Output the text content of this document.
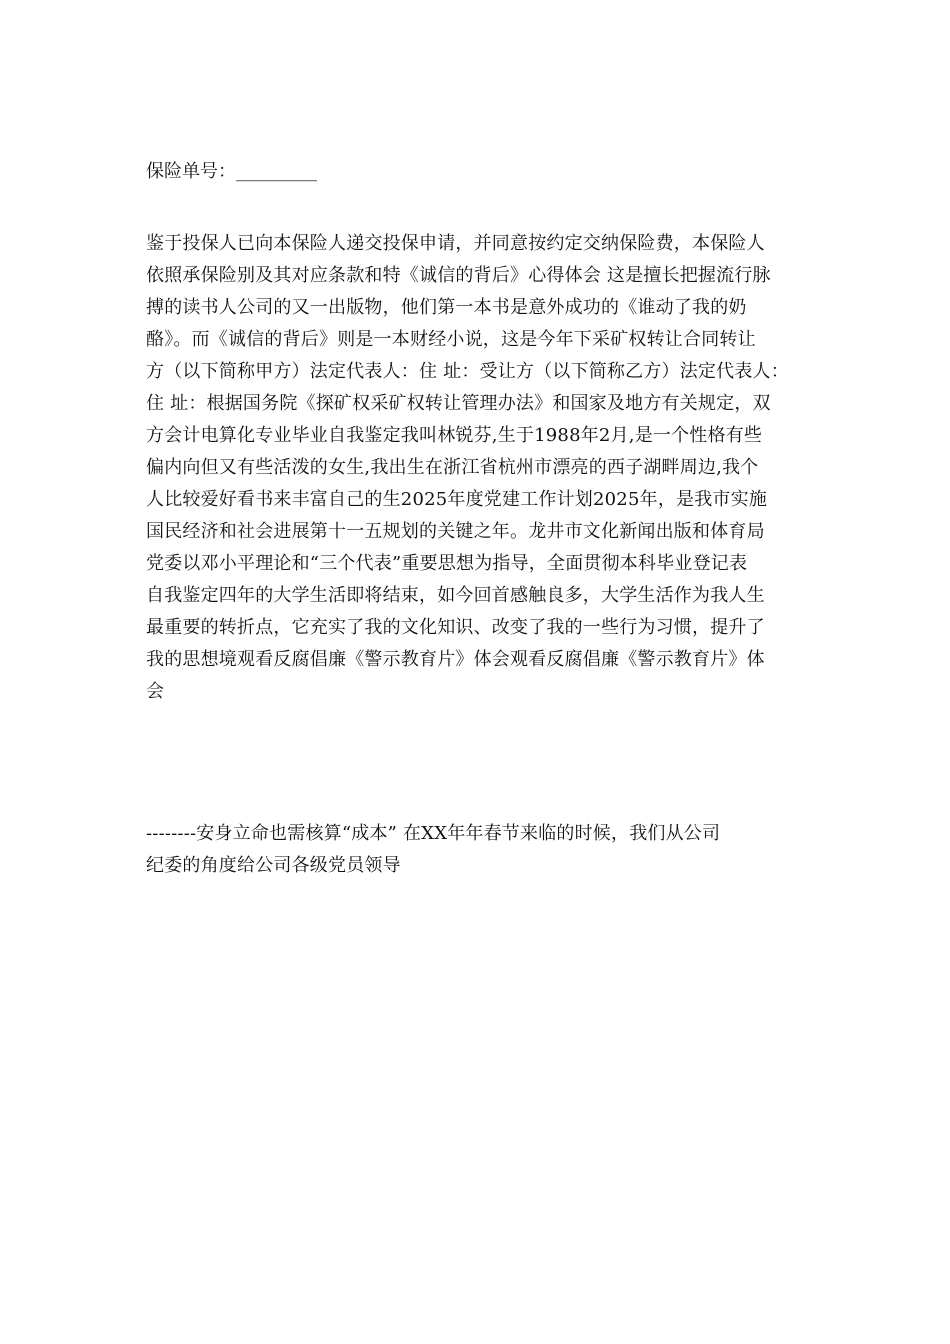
保险单号：_________
鉴于投保人已向本保险人递交投保申请，并同意按约定交纳保险费，本保险人
依照承保险别及其对应条款和特《诚信的背后》心得体会 这是擅长把握流行脉
搏的读书人公司的又一出版物，他们第一本书是意外成功的《谁动了我的奶
酪》。而《诚信的背后》则是一本财经小说，这是今年下采矿权转让合同转让
方（以下简称甲方）法定代表人：住 址：受让方（以下简称乙方）法定代表人：
住 址：根据国务院《探矿权采矿权转让管理办法》和国家及地方有关规定，双
方会计电算化专业毕业自我鉴定我叫林锐芬,生于1988年2月,是一个性格有些
偏内向但又有些活泼的女生,我出生在浙江省杭州市漂亮的西子湖畔周边,我个
人比较爱好看书来丰富自己的生2025年度党建工作计划2025年，是我市实施
国民经济和社会进展第十一五规划的关键之年。龙井市文化新闻出版和体育局
党委以邓小平理论和“三个代表”重要思想为指导，全面贯彻本科毕业登记表
自我鉴定四年的大学生活即将结束，如今回首感触良多，大学生活作为我人生
最重要的转折点，它充实了我的文化知识、改变了我的一些行为习惯，提升了
我的思想境观看反腐倡廉《警示教育片》体会观看反腐倡廉《警示教育片》体
会
--------安身立命也需核算“成本” 在XX年年春节来临的时候，我们从公司
纪委的角度给公司各级党员领导
